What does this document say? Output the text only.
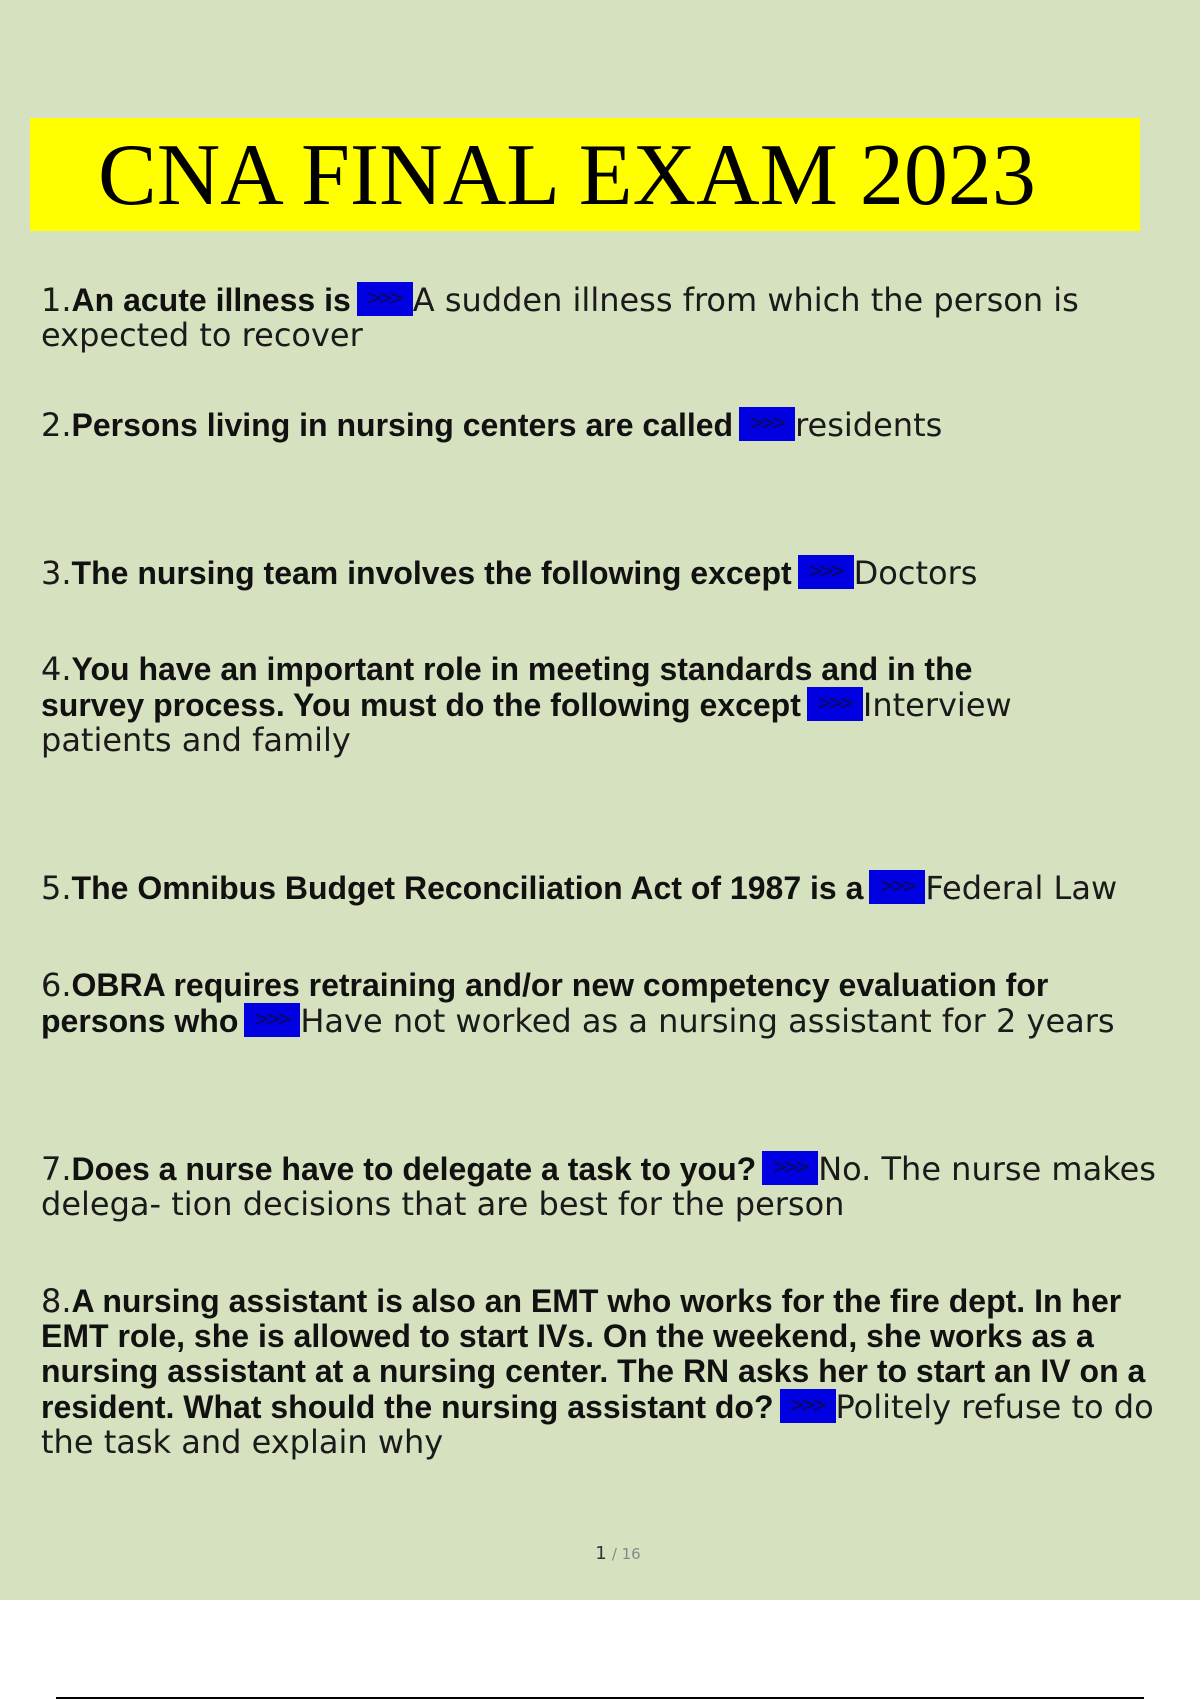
CNA FINAL EXAM 2023
1.An acute illness is >>> A sudden illness from which the person is expected to recover
2.Persons living in nursing centers are called >>> residents
3.The nursing team involves the following except >>> Doctors
4.You have an important role in meeting standards and in the survey process. You must do the following except >>> Interview patients and family
5.The Omnibus Budget Reconciliation Act of 1987 is a >>> Federal Law
6.OBRA requires retraining and/or new competency evaluation for persons who >>> Have not worked as a nursing assistant for 2 years
7.Does a nurse have to delegate a task to you? >>> No. The nurse makes delega- tion decisions that are best for the person
8.A nursing assistant is also an EMT who works for the fire dept. In her EMT role, she is allowed to start IVs. On the weekend, she works as a nursing assistant at a nursing center. The RN asks her to start an IV on a resident. What should the nursing assistant do? >>> Politely refuse to do the task and explain why
1 / 16
